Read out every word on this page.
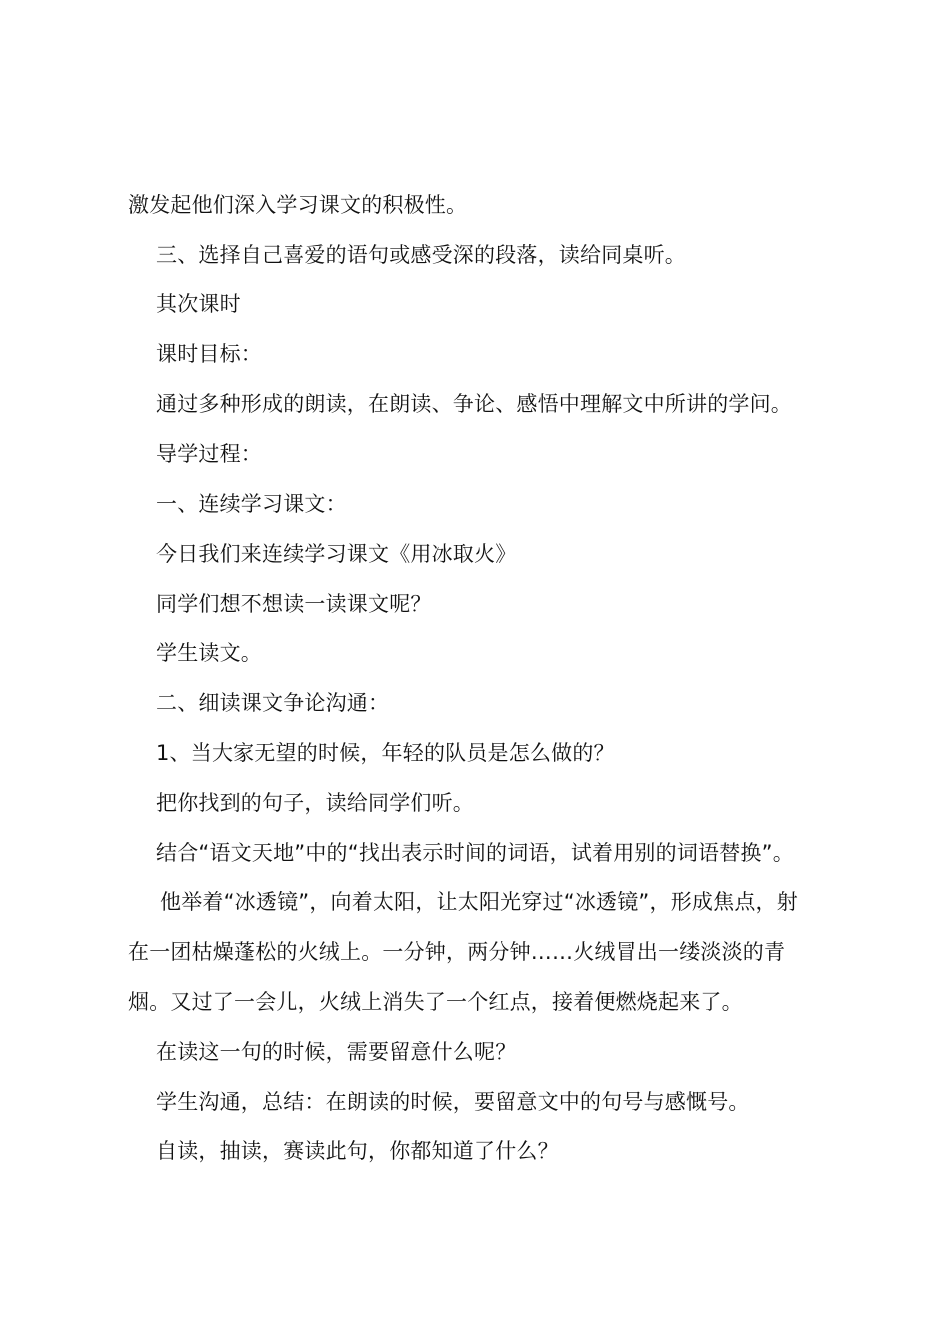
激发起他们深入学习课文的积极性。
三、选择自己喜爱的语句或感受深的段落，读给同桌听。
其次课时
课时目标：
通过多种形成的朗读，在朗读、争论、感悟中理解文中所讲的学问。
导学过程：
一、连续学习课文：
今日我们来连续学习课文《用冰取火》
同学们想不想读一读课文呢？
学生读文。
二、细读课文争论沟通：
1、当大家无望的时候，年轻的队员是怎么做的？
把你找到的句子，读给同学们听。
结合“语文天地”中的“找出表示时间的词语，试着用别的词语替换”。
他举着“冰透镜”，向着太阳，让太阳光穿过“冰透镜”，形成焦点，射
在一团枯燥蓬松的火绒上。一分钟，两分钟……火绒冒出一缕淡淡的青
烟。又过了一会儿，火绒上消失了一个红点，接着便燃烧起来了。
在读这一句的时候，需要留意什么呢？
学生沟通，总结：在朗读的时候，要留意文中的句号与感慨号。
自读，抽读，赛读此句，你都知道了什么？
